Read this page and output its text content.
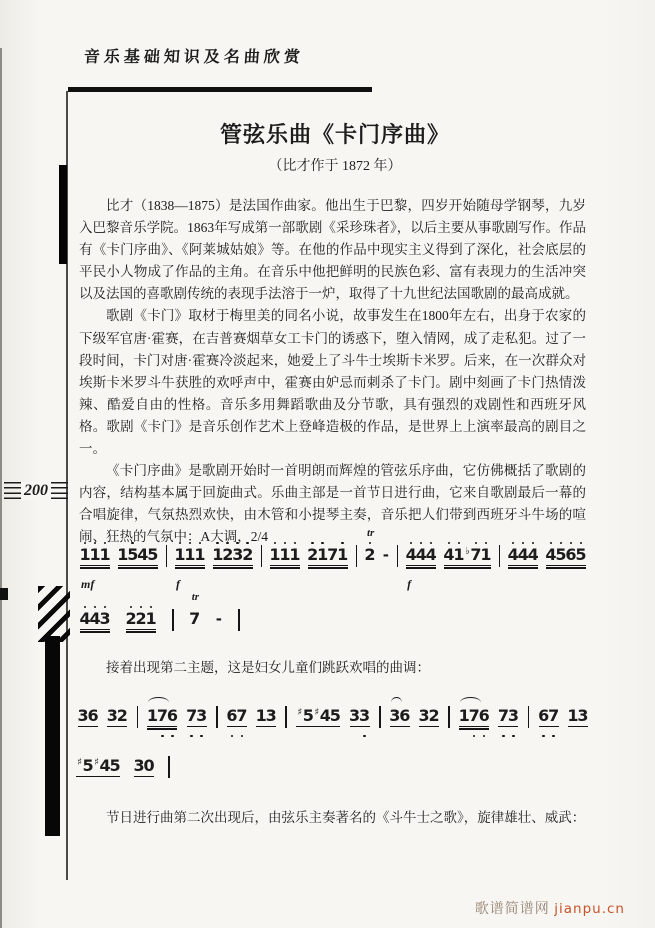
音乐基础知识及名曲欣赏
200
管弦乐曲《卡门序曲》
（比才作于 1872 年）

比才（1838—1875）是法国作曲家。他出生于巴黎，四岁开始随母学钢琴，九岁入巴黎音乐学院。1863年写成第一部歌剧《采珍珠者》，以后主要从事歌剧写作。作品有《卡门序曲》、《阿莱城姑娘》等。在他的作品中现实主义得到了深化，社会底层的平民小人物成了作品的主角。在音乐中他把鲜明的民族色彩、富有表现力的生活冲突以及法国的喜歌剧传统的表现手法溶于一炉，取得了十九世纪法国歌剧的最高成就。

歌剧《卡门》取材于梅里美的同名小说，故事发生在1800年左右，出身于农家的下级军官唐·霍赛，在吉普赛烟草女工卡门的诱惑下，堕入情网，成了走私犯。过了一段时间，卡门对唐·霍赛冷淡起来，她爱上了斗牛士埃斯卡米罗。后来，在一次群众对埃斯卡米罗斗牛获胜的欢呼声中，霍赛由妒忌而刺杀了卡门。剧中刻画了卡门热情泼辣、酷爱自由的性格。音乐多用舞蹈歌曲及分节歌，具有强烈的戏剧性和西班牙风格。歌剧《卡门》是音乐创作艺术上登峰造极的作品，是世界上上演率最高的剧目之一。

《卡门序曲》是歌剧开始时一首明朗而辉煌的管弦乐序曲，它仿佛概括了歌剧的内容，结构基本属于回旋曲式。乐曲主部是一首节日进行曲，它来自歌剧最后一幕的合唱旋律，气氛热烈欢快，由木管和小提琴主奏，音乐把人们带到西班牙斗牛场的喧闹、狂热的气氛中：A大调，2/4

1
1
1
mf
1
5
4
5 1
1
1
f
1
2
3
2 1
1
1 2
1
7
1 2
tr
- 4
4
4
f
4
1 ♭ 7
1 4
4
4 4
5
6
5
4
4
3 2
2
1 7
tr
-
接着出现第二主题，这是妇女儿童们跳跃欢唱的曲调：
3
6 3
2 1
7
6 7
3 6
7 1
3 ♯ 5 ♯ 4
5 3
3 3
6 3
2 1
7
6 7
3 6
7 1
3
♯ 5 ♯ 4
5 3
0
节日进行曲第二次出现后，由弦乐主奏著名的《斗牛士之歌》，旋律雄壮、威武：
歌谱简谱网 jianpu.cn
